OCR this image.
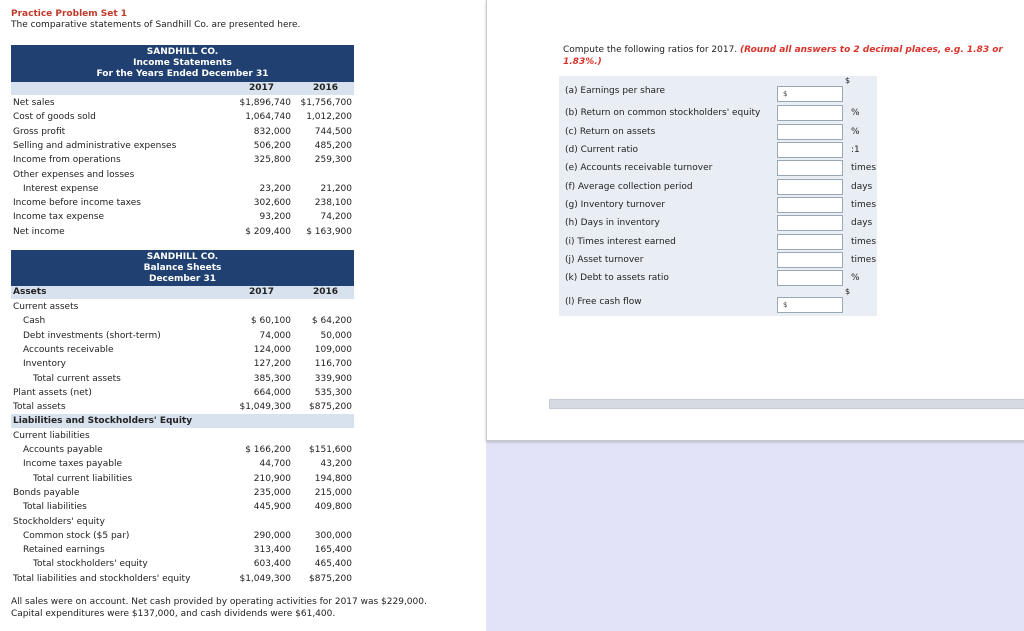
Practice Problem Set 1
The comparative statements of Sandhill Co. are presented here.
SANDHILL CO.
Income Statements
For the Years Ended December 31
2017	2016
Net sales	$1,896,740 $1,756,700
Cost of goods sold	1,064,740 1,012,200
Gross profit	832,000	744,500
Selling and administrative expenses	506,200	485,200
Income from operations	325,800	259,300
Other expenses and losses
Interest expense	23,200	21,200
Income before income taxes	302,600	238,100
Income tax expense	93,200	74,200
Net income	$ 209,400 $ 163,900
SANDHILL CO.
Balance Sheets
December 31
Assets	2017	2016
Current assets
Cash	$ 60,100 $ 64,200
Debt investments (short-term)	74,000	50,000
Accounts receivable	124,000	109,000
Inventory	127,200	116,700
Total current assets	385,300	339,900
Plant assets (net)	664,000	535,300
Total assets	$1,049,300 $875,200
Liabilities and Stockholders' Equity
Current liabilities
Accounts payable	$ 166,200 $151,600
Income taxes payable	44,700	43,200
Total current liabilities	210,900	194,800
Bonds payable	235,000	215,000
Total liabilities	445,900	409,800
Stockholders' equity
Common stock ($5 par)	290,000	300,000
Retained earnings	313,400	165,400
Total stockholders' equity	603,400	465,400
Total liabilities and stockholders' equity	$1,049,300 $875,200
All sales were on account. Net cash provided by operating activities for 2017 was $229,000.
Capital expenditures were $137,000, and cash dividends were $61,400.
Compute the following ratios for 2017. (Round all answers to 2 decimal places, e.g. 1.83 or 1.83%.)
(a) Earnings per share	$
$
(b) Return on common stockholders' equity	%
(c) Return on assets	%
(d) Current ratio	:1
(e) Accounts receivable turnover	times
(f) Average collection period	days
(g) Inventory turnover	times
(h) Days in inventory	days
(i) Times interest earned	times
(j) Asset turnover	times
(k) Debt to assets ratio	%
(l) Free cash flow	$
$
